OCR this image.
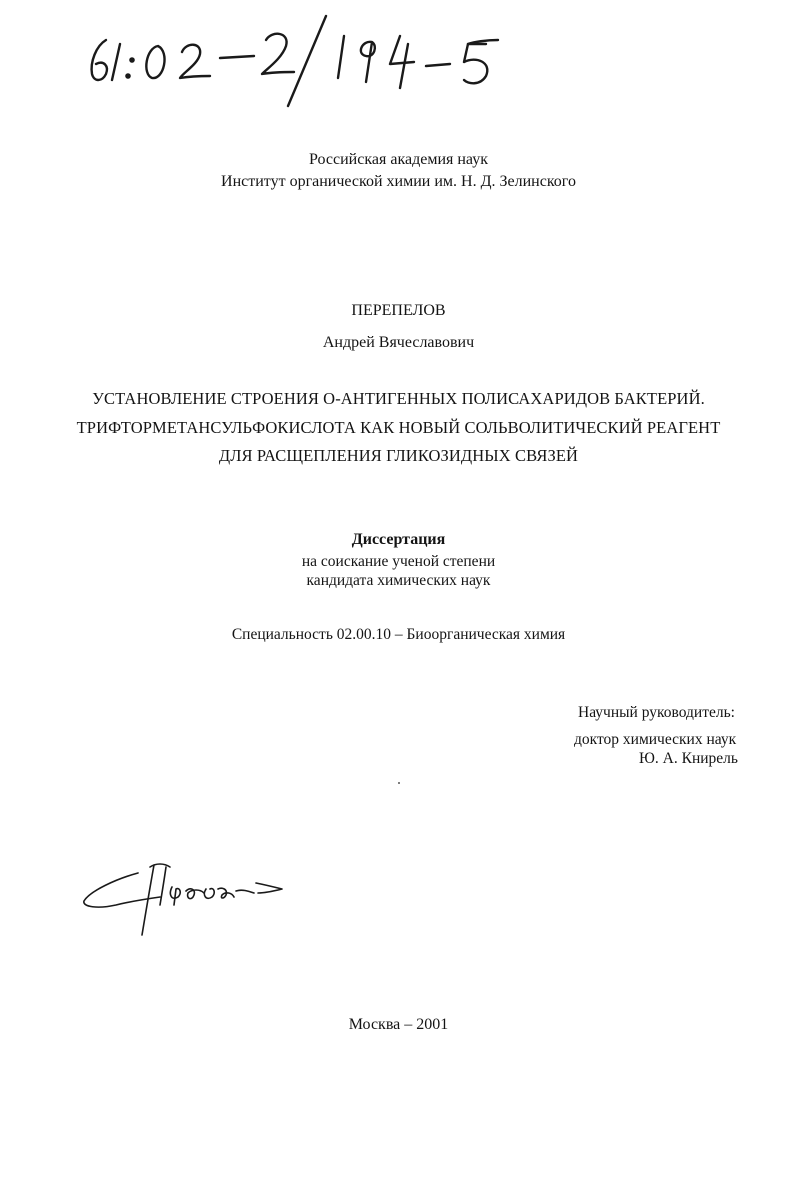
Российская академия наук
Институт органической химии им. Н. Д. Зелинского
ПЕРЕПЕЛОВ
Андрей Вячеславович
УСТАНОВЛЕНИЕ СТРОЕНИЯ О-АНТИГЕННЫХ ПОЛИСАХАРИДОВ БАКТЕРИЙ.
ТРИФТОРМЕТАНСУЛЬФОКИСЛОТА КАК НОВЫЙ СОЛЬВОЛИТИЧЕСКИЙ РЕАГЕНТ
ДЛЯ РАСЩЕПЛЕНИЯ ГЛИКОЗИДНЫХ СВЯЗЕЙ
Диссертация
на соискание ученой степени
кандидата химических наук
Специальность 02.00.10 – Биоорганическая химия
Научный руководитель:
доктор химических наук
Ю. А. Книрель
Москва – 2001
